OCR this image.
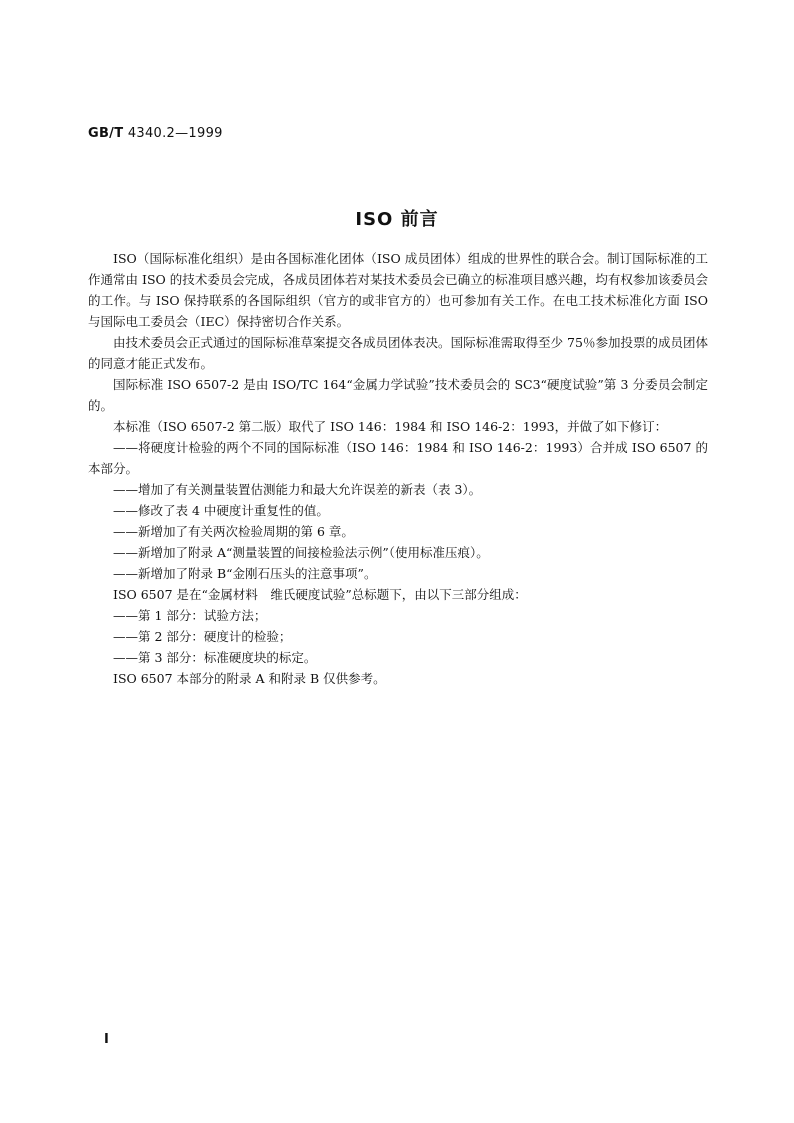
GB/T 4340.2—1999
ISO 前言

ISO（国际标准化组织）是由各国标准化团体（ISO 成员团体）组成的世界性的联合会。制订国际标准的工作通常由 ISO 的技术委员会完成，各成员团体若对某技术委员会已确立的标准项目感兴趣，均有权参加该委员会的工作。与 ISO 保持联系的各国际组织（官方的或非官方的）也可参加有关工作。在电工技术标准化方面 ISO 与国际电工委员会（IEC）保持密切合作关系。

由技术委员会正式通过的国际标准草案提交各成员团体表决。国际标准需取得至少 75％参加投票的成员团体的同意才能正式发布。

国际标准 ISO 6507-2 是由 ISO/TC 164“金属力学试验”技术委员会的 SC3“硬度试验”第 3 分委员会制定的。

本标准（ISO 6507-2 第二版）取代了 ISO 146：1984 和 ISO 146-2：1993，并做了如下修订：

——将硬度计检验的两个不同的国际标准（ISO 146：1984 和 ISO 146-2：1993）合并成 ISO 6507 的本部分。

——增加了有关测量装置估测能力和最大允许误差的新表（表 3）。

——修改了表 4 中硬度计重复性的值。

——新增加了有关两次检验周期的第 6 章。

——新增加了附录 A“测量装置的间接检验法示例”（使用标准压痕）。

——新增加了附录 B“金刚石压头的注意事项”。

ISO 6507 是在“金属材料　维氏硬度试验”总标题下，由以下三部分组成：

——第 1 部分：试验方法；

——第 2 部分：硬度计的检验；

——第 3 部分：标准硬度块的标定。

ISO 6507 本部分的附录 A 和附录 B 仅供参考。

Ⅰ
